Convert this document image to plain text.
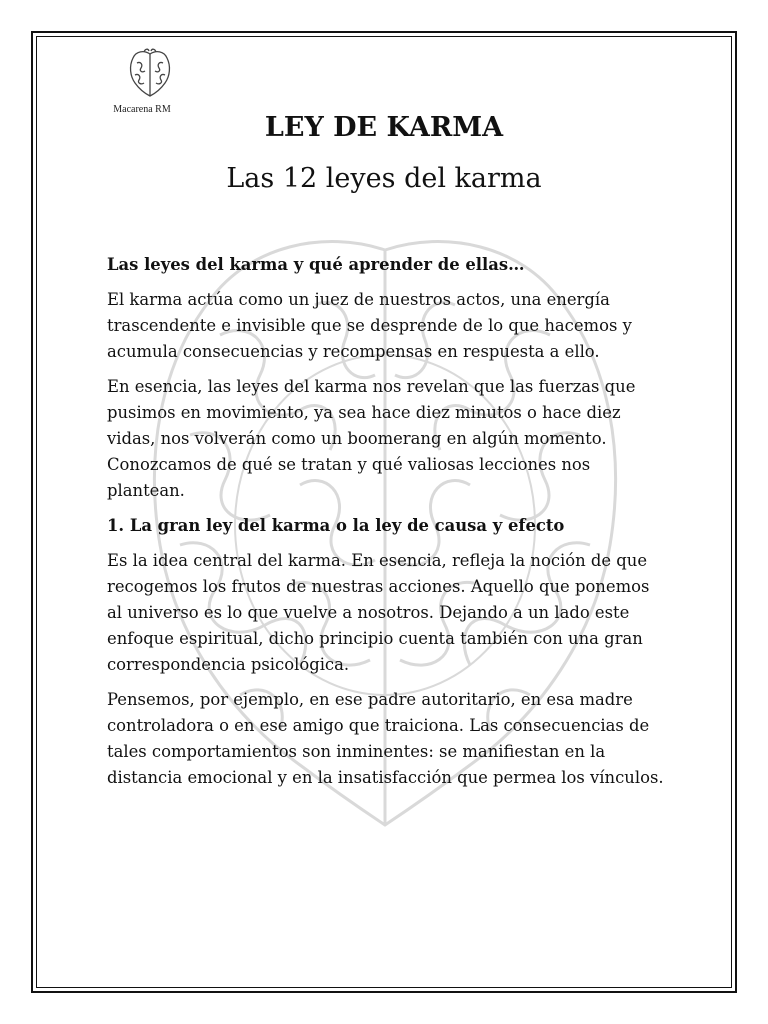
Macarena RM
LEY DE KARMA
Las 12 leyes del karma
Las leyes del karma y qué aprender de ellas…

El karma actúa como un juez de nuestros actos, una energía trascendente e invisible que se desprende de lo que hacemos y acumula consecuencias y recompensas en respuesta a ello.

En esencia, las leyes del karma nos revelan que las fuerzas que pusimos en movimiento, ya sea hace diez minutos o hace diez vidas, nos volverán como un boomerang en algún momento. Conozcamos de qué se tratan y qué valiosas lecciones nos plantean.

1. La gran ley del karma o la ley de causa y efecto

Es la idea central del karma. En esencia, refleja la noción de que recogemos los frutos de nuestras acciones. Aquello que ponemos al universo es lo que vuelve a nosotros. Dejando a un lado este enfoque espiritual, dicho principio cuenta también con una gran correspondencia psicológica.

Pensemos, por ejemplo, en ese padre autoritario, en esa madre controladora o en ese amigo que traiciona. Las consecuencias de tales comportamientos son inminentes: se manifiestan en la distancia emocional y en la insatisfacción que permea los vínculos.
